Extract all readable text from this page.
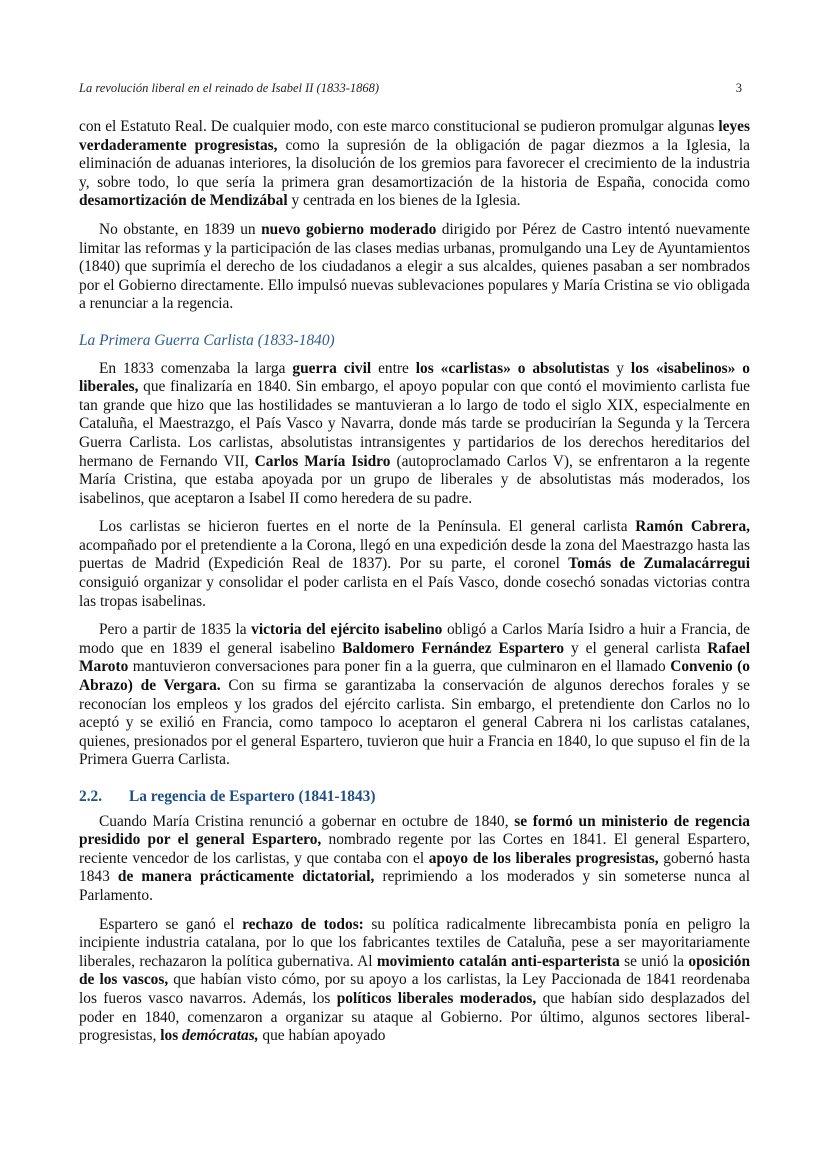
La revolución liberal en el reinado de Isabel II (1833-1868)	3

con el Estatuto Real. De cualquier modo, con este marco constitucional se pudieron promulgar algunas leyes verdaderamente progresistas, como la supresión de la obligación de pagar diezmos a la Iglesia, la eliminación de aduanas interiores, la disolución de los gremios para favorecer el crecimiento de la industria y, sobre todo, lo que sería la primera gran desamortización de la historia de España, conocida como desamortización de Mendizábal y centrada en los bienes de la Iglesia.

No obstante, en 1839 un nuevo gobierno moderado dirigido por Pérez de Castro intentó nuevamente limitar las reformas y la participación de las clases medias urbanas, promulgando una Ley de Ayuntamientos (1840) que suprimía el derecho de los ciudadanos a elegir a sus alcaldes, quienes pasaban a ser nombrados por el Gobierno directamente. Ello impulsó nuevas sublevaciones populares y María Cristina se vio obligada a renunciar a la regencia.

La Primera Guerra Carlista (1833-1840)

En 1833 comenzaba la larga guerra civil entre los «carlistas» o absolutistas y los «isabelinos» o liberales, que finalizaría en 1840. Sin embargo, el apoyo popular con que contó el movimiento carlista fue tan grande que hizo que las hostilidades se mantuvieran a lo largo de todo el siglo XIX, especialmente en Cataluña, el Maestrazgo, el País Vasco y Navarra, donde más tarde se producirían la Segunda y la Tercera Guerra Carlista. Los carlistas, absolutistas intransigentes y partidarios de los derechos hereditarios del hermano de Fernando VII, Carlos María Isidro (autoproclamado Carlos V), se enfrentaron a la regente María Cristina, que estaba apoyada por un grupo de liberales y de absolutistas más moderados, los isabelinos, que aceptaron a Isabel II como heredera de su padre.

Los carlistas se hicieron fuertes en el norte de la Península. El general carlista Ramón Cabrera, acompañado por el pretendiente a la Corona, llegó en una expedición desde la zona del Maestrazgo hasta las puertas de Madrid (Expedición Real de 1837). Por su parte, el coronel Tomás de Zumalacárregui consiguió organizar y consolidar el poder carlista en el País Vasco, donde cosechó sonadas victorias contra las tropas isabelinas.

Pero a partir de 1835 la victoria del ejército isabelino obligó a Carlos María Isidro a huir a Francia, de modo que en 1839 el general isabelino Baldomero Fernández Espartero y el general carlista Rafael Maroto mantuvieron conversaciones para poner fin a la guerra, que culminaron en el llamado Convenio (o Abrazo) de Vergara. Con su firma se garantizaba la conservación de algunos derechos forales y se reconocían los empleos y los grados del ejército carlista. Sin embargo, el pretendiente don Carlos no lo aceptó y se exilió en Francia, como tampoco lo aceptaron el general Cabrera ni los carlistas catalanes, quienes, presionados por el general Espartero, tuvieron que huir a Francia en 1840, lo que supuso el fin de la Primera Guerra Carlista.

2.2. La regencia de Espartero (1841-1843)

Cuando María Cristina renunció a gobernar en octubre de 1840, se formó un ministerio de regencia presidido por el general Espartero, nombrado regente por las Cortes en 1841. El general Espartero, reciente vencedor de los carlistas, y que contaba con el apoyo de los liberales progresistas, gobernó hasta 1843 de manera prácticamente dictatorial, reprimiendo a los moderados y sin someterse nunca al Parlamento.

Espartero se ganó el rechazo de todos: su política radicalmente librecambista ponía en peligro la incipiente industria catalana, por lo que los fabricantes textiles de Cataluña, pese a ser mayoritariamente liberales, rechazaron la política gubernativa. Al movimiento catalán anti-esparterista se unió la oposición de los vascos, que habían visto cómo, por su apoyo a los carlistas, la Ley Paccionada de 1841 reordenaba los fueros vasco navarros. Además, los políticos liberales moderados, que habían sido desplazados del poder en 1840, comenzaron a organizar su ataque al Gobierno. Por último, algunos sectores liberal-progresistas, los demócratas, que habían apoyado
